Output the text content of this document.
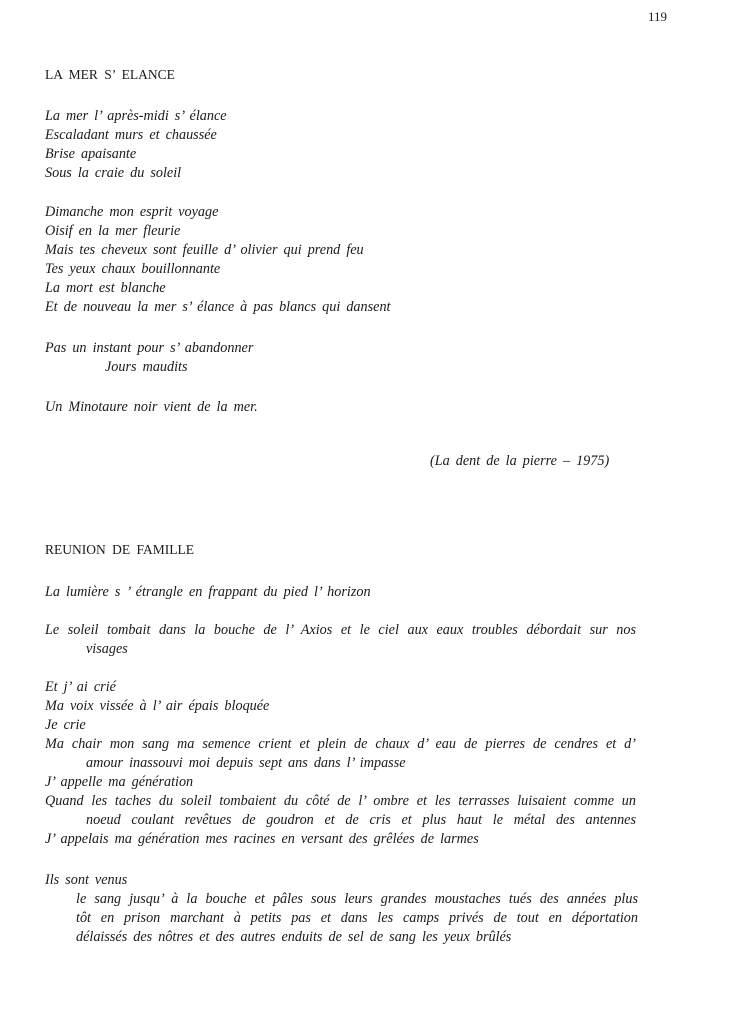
119
LA MER S’ ELANCE
La mer l’ après-midi s’ élance
Escaladant murs et chaussée
Brise apaisante
Sous la craie du soleil
Dimanche mon esprit voyage
Oisif en la mer fleurie
Mais tes cheveux sont feuille d’ olivier qui prend feu
Tes yeux chaux bouillonnante
La mort est blanche
Et de nouveau la mer s’ élance à pas blancs qui dansent
Pas un instant pour s’ abandonner
Jours maudits
Un Minotaure noir vient de la mer.
(La dent de la pierre – 1975)
REUNION DE FAMILLE
La lumière s ’ étrangle en frappant du pied l’ horizon
Le soleil tombait dans la bouche de l’ Axios et le ciel aux eaux troubles débordait sur nos
visages
Et j’ ai crié
Ma voix vissée à l’ air épais bloquée
Je crie
Ma chair mon sang ma semence crient et plein de chaux d’ eau de pierres de cendres et d’
amour inassouvi moi depuis sept ans dans l’ impasse
J’ appelle ma génération
Quand les taches du soleil tombaient du côté de l’ ombre et les terrasses luisaient comme un
noeud coulant revêtues de goudron et de cris et plus haut le métal des antennes
J’ appelais ma génération mes racines en versant des grêlées de larmes
Ils sont venus
le sang jusqu’ à la bouche et pâles sous leurs grandes moustaches tués des années plus
tôt en prison marchant à petits pas et dans les camps privés de tout en déportation
délaissés des nôtres et des autres enduits de sel de sang les yeux brûlés
